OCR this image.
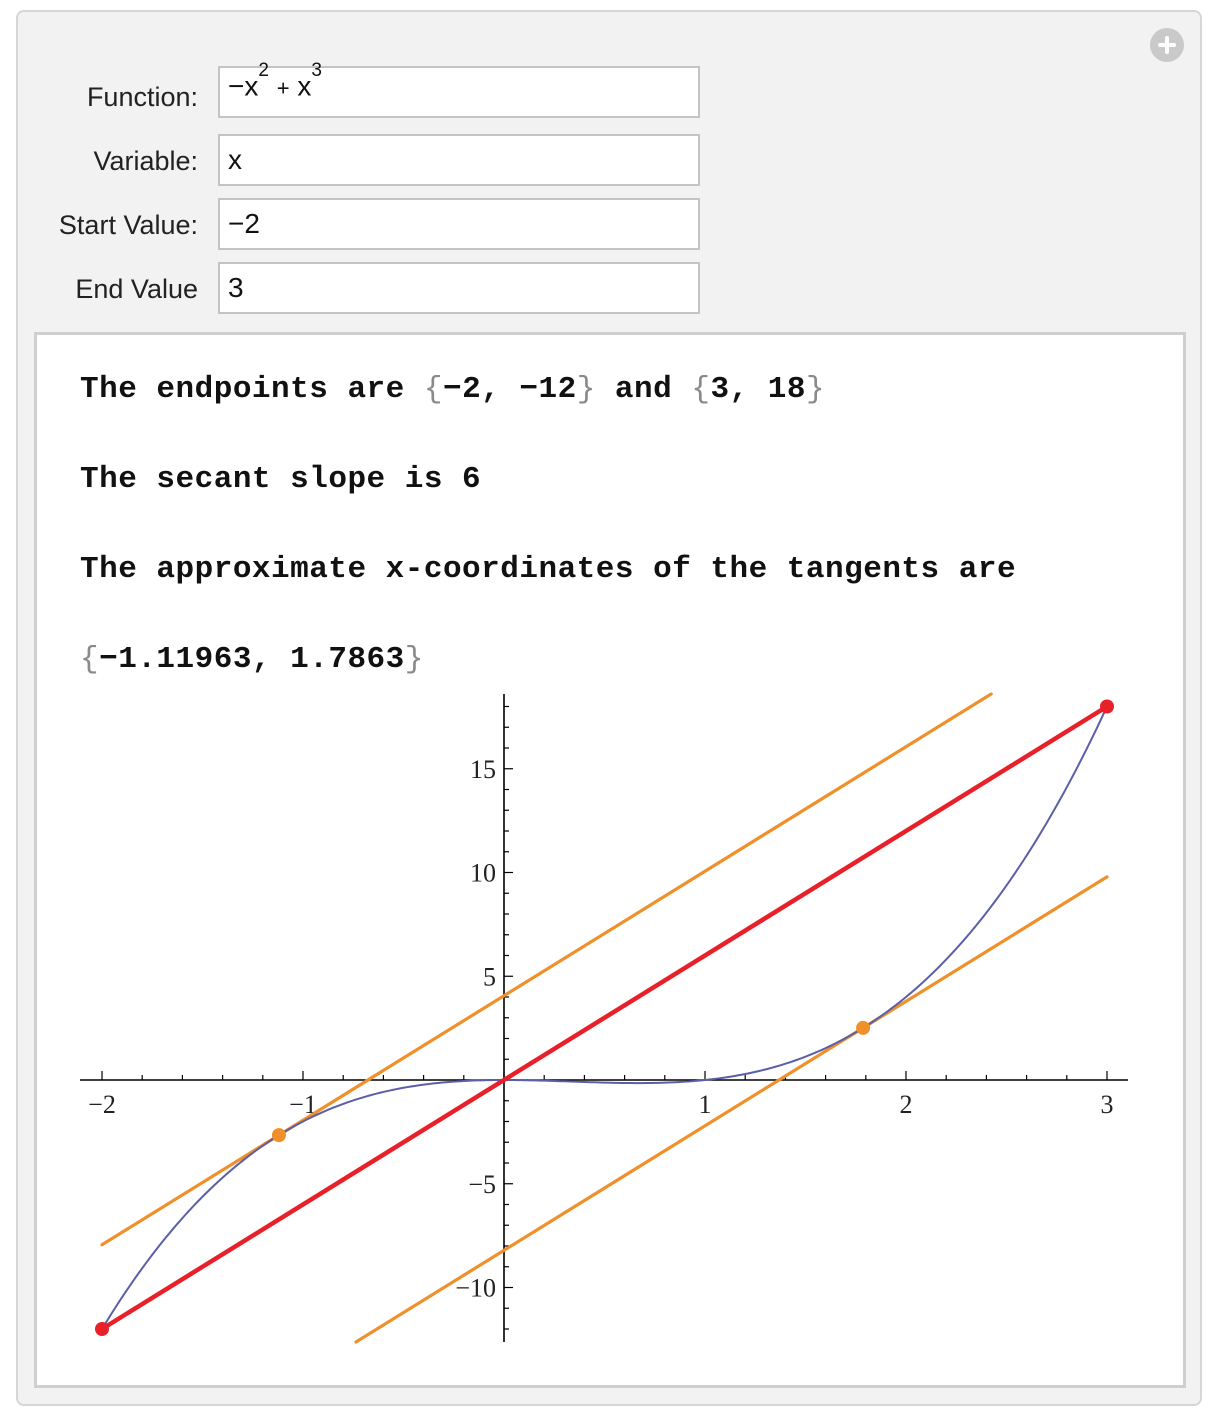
Function: $-x^2 + x^3$
Variable:	x
Start Value:	−2
End Value	3
The endpoints are {−2, −12} and {3, 18}
The secant slope is 6
The approximate x-coordinates of the tangents are
{−1.11963, 1.7863}
−2	−1	1	2	3
−10
−5
5
10
15
